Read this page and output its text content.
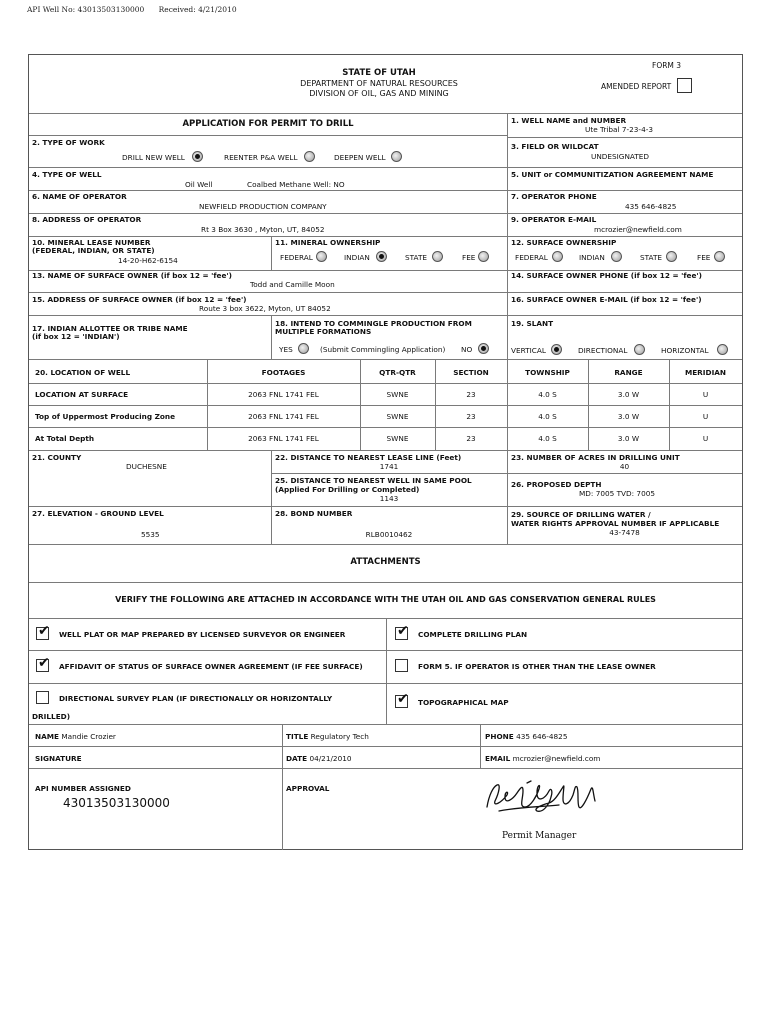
API Well No: 43013503130000      Received: 4/21/2010
FORM 3
STATE OF UTAH
DEPARTMENT OF NATURAL RESOURCES
DIVISION OF OIL, GAS AND MINING
AMENDED REPORT
APPLICATION FOR PERMIT TO DRILL	1. WELL NAME and NUMBER
Ute Tribal 7-23-4-3
2. TYPE OF WORK
DRILL NEW WELL	REENTER P&A WELL	DEEPEN WELL
3. FIELD OR WILDCAT
UNDESIGNATED
4. TYPE OF WELL
Oil Well	Coalbed Methane Well: NO
5. UNIT or COMMUNITIZATION AGREEMENT NAME
6. NAME OF OPERATOR
NEWFIELD PRODUCTION COMPANY
7. OPERATOR PHONE
435 646-4825
8. ADDRESS OF OPERATOR
Rt 3 Box 3630 , Myton, UT, 84052
9. OPERATOR E-MAIL
mcrozier@newfield.com
10. MINERAL LEASE NUMBER
(FEDERAL, INDIAN, OR STATE)
14-20-H62-6154
11. MINERAL OWNERSHIP
FEDERAL	INDIAN	STATE	FEE
12. SURFACE OWNERSHIP
FEDERAL	INDIAN	STATE	FEE
13. NAME OF SURFACE OWNER (if box 12 = 'fee')
Todd and Camille Moon
14. SURFACE OWNER PHONE (if box 12 = 'fee')
15. ADDRESS OF SURFACE OWNER (if box 12 = 'fee')
Route 3 box 3622, Myton, UT 84052
16. SURFACE OWNER E-MAIL (if box 12 = 'fee')
17. INDIAN ALLOTTEE OR TRIBE NAME
(if box 12 = 'INDIAN')
18. INTEND TO COMMINGLE PRODUCTION FROM
MULTIPLE FORMATIONS
YES	(Submit Commingling Application) NO
19. SLANT
VERTICAL	DIRECTIONAL	HORIZONTAL
20. LOCATION OF WELL	FOOTAGES	QTR-QTR	SECTION	TOWNSHIP	RANGE	MERIDIAN
LOCATION AT SURFACE	2063 FNL 1741 FEL	SWNE	23	4.0 S	3.0 W	U
Top of Uppermost Producing Zone	2063 FNL 1741 FEL	SWNE	23	4.0 S	3.0 W	U
At Total Depth	2063 FNL 1741 FEL	SWNE	23	4.0 S	3.0 W	U
21. COUNTY
DUCHESNE
22. DISTANCE TO NEAREST LEASE LINE (Feet)
1741
23. NUMBER OF ACRES IN DRILLING UNIT
40
25. DISTANCE TO NEAREST WELL IN SAME POOL
(Applied For Drilling or Completed)
1143
26. PROPOSED DEPTH
MD: 7005 TVD: 7005
27. ELEVATION - GROUND LEVEL
5535
28. BOND NUMBER
RLB0010462
29. SOURCE OF DRILLING WATER /
WATER RIGHTS APPROVAL NUMBER IF APPLICABLE
43-7478
ATTACHMENTS
VERIFY THE FOLLOWING ARE ATTACHED IN ACCORDANCE WITH THE UTAH OIL AND GAS CONSERVATION GENERAL RULES
✔ WELL PLAT OR MAP PREPARED BY LICENSED SURVEYOR OR ENGINEER	✔ COMPLETE DRILLING PLAN
✔ AFFIDAVIT OF STATUS OF SURFACE OWNER AGREEMENT (IF FEE SURFACE)	FORM 5. IF OPERATOR IS OTHER THAN THE LEASE OWNER
DIRECTIONAL SURVEY PLAN (IF DIRECTIONALLY OR HORIZONTALLY
DRILLED)
✔ TOPOGRAPHICAL MAP
NAME Mandie Crozier	TITLE Regulatory Tech	PHONE 435 646-4825
SIGNATURE	DATE 04/21/2010	EMAIL mcrozier@newfield.com
API NUMBER ASSIGNED
43013503130000
APPROVAL
Permit Manager
